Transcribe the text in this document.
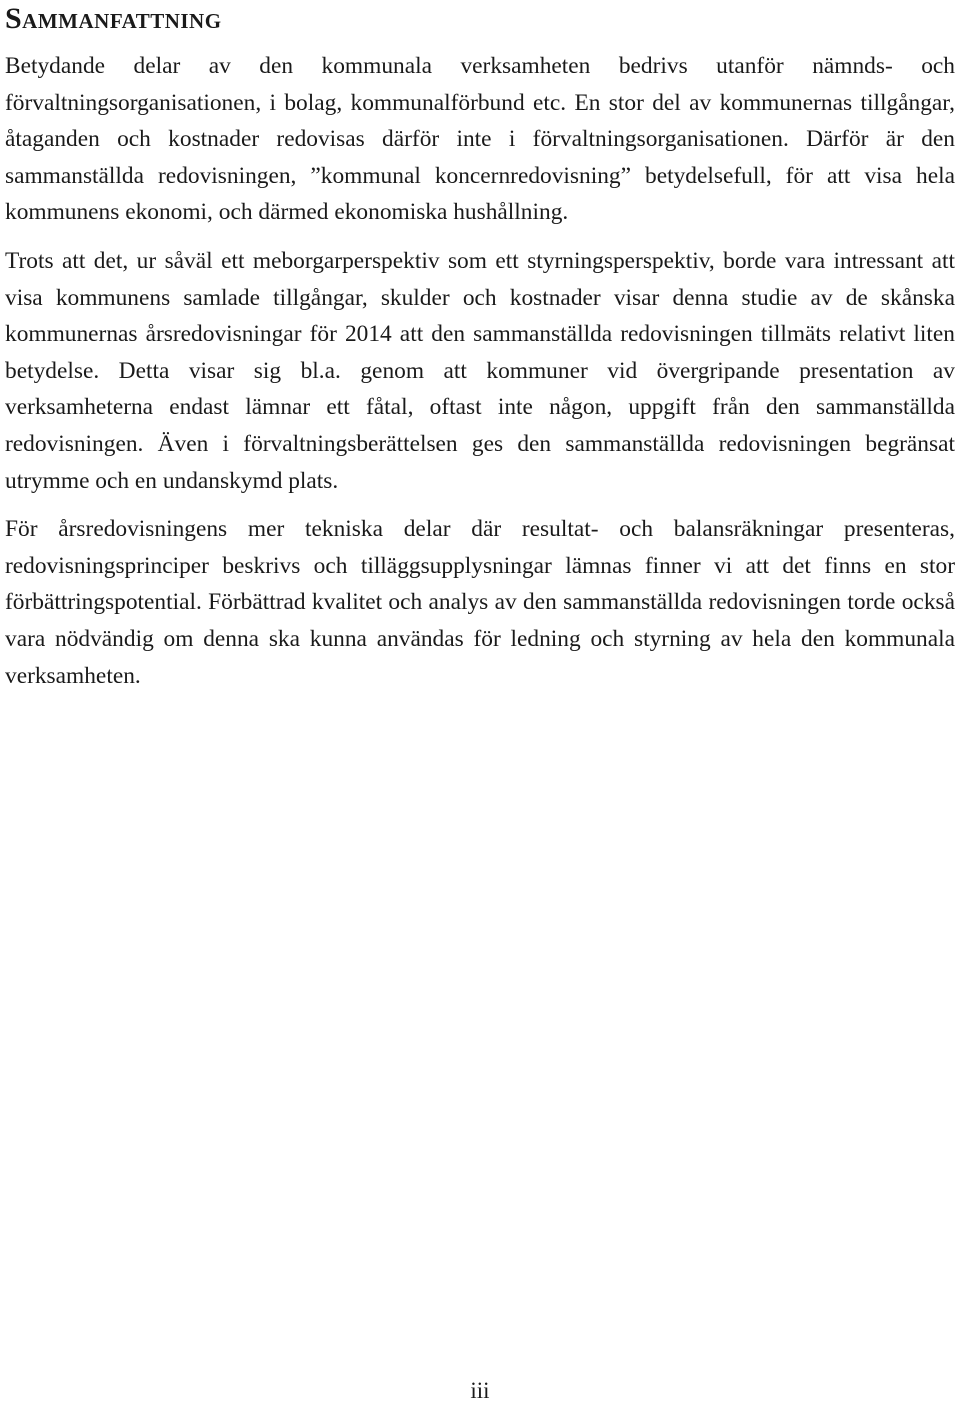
Sammanfattning

Betydande delar av den kommunala verksamheten bedrivs utanför nämnds- och förvaltningsorganisationen, i bolag, kommunalförbund etc. En stor del av kommunernas tillgångar, åtaganden och kostnader redovisas därför inte i förvaltningsorganisationen. Därför är den sammanställda redovisningen, ”kommunal koncernredovisning” betydelsefull, för att visa hela kommunens ekonomi, och därmed ekonomiska hushållning.

Trots att det, ur såväl ett meborgarperspektiv som ett styrningsperspektiv, borde vara intressant att visa kommunens samlade tillgångar, skulder och kostnader visar denna studie av de skånska kommunernas årsredovisningar för 2014 att den sammanställda redovisningen tillmäts relativt liten betydelse. Detta visar sig bl.a. genom att kommuner vid övergripande presentation av verksamheterna endast lämnar ett fåtal, oftast inte någon, uppgift från den sammanställda redovisningen. Även i förvaltningsberättelsen ges den sammanställda redovisningen begränsat utrymme och en undanskymd plats.

För årsredovisningens mer tekniska delar där resultat- och balansräkningar presenteras, redovisningsprinciper beskrivs och tilläggsupplysningar lämnas finner vi att det finns en stor förbättringspotential. Förbättrad kvalitet och analys av den sammanställda redovisningen torde också vara nödvändig om denna ska kunna användas för ledning och styrning av hela den kommunala verksamheten.

iii
